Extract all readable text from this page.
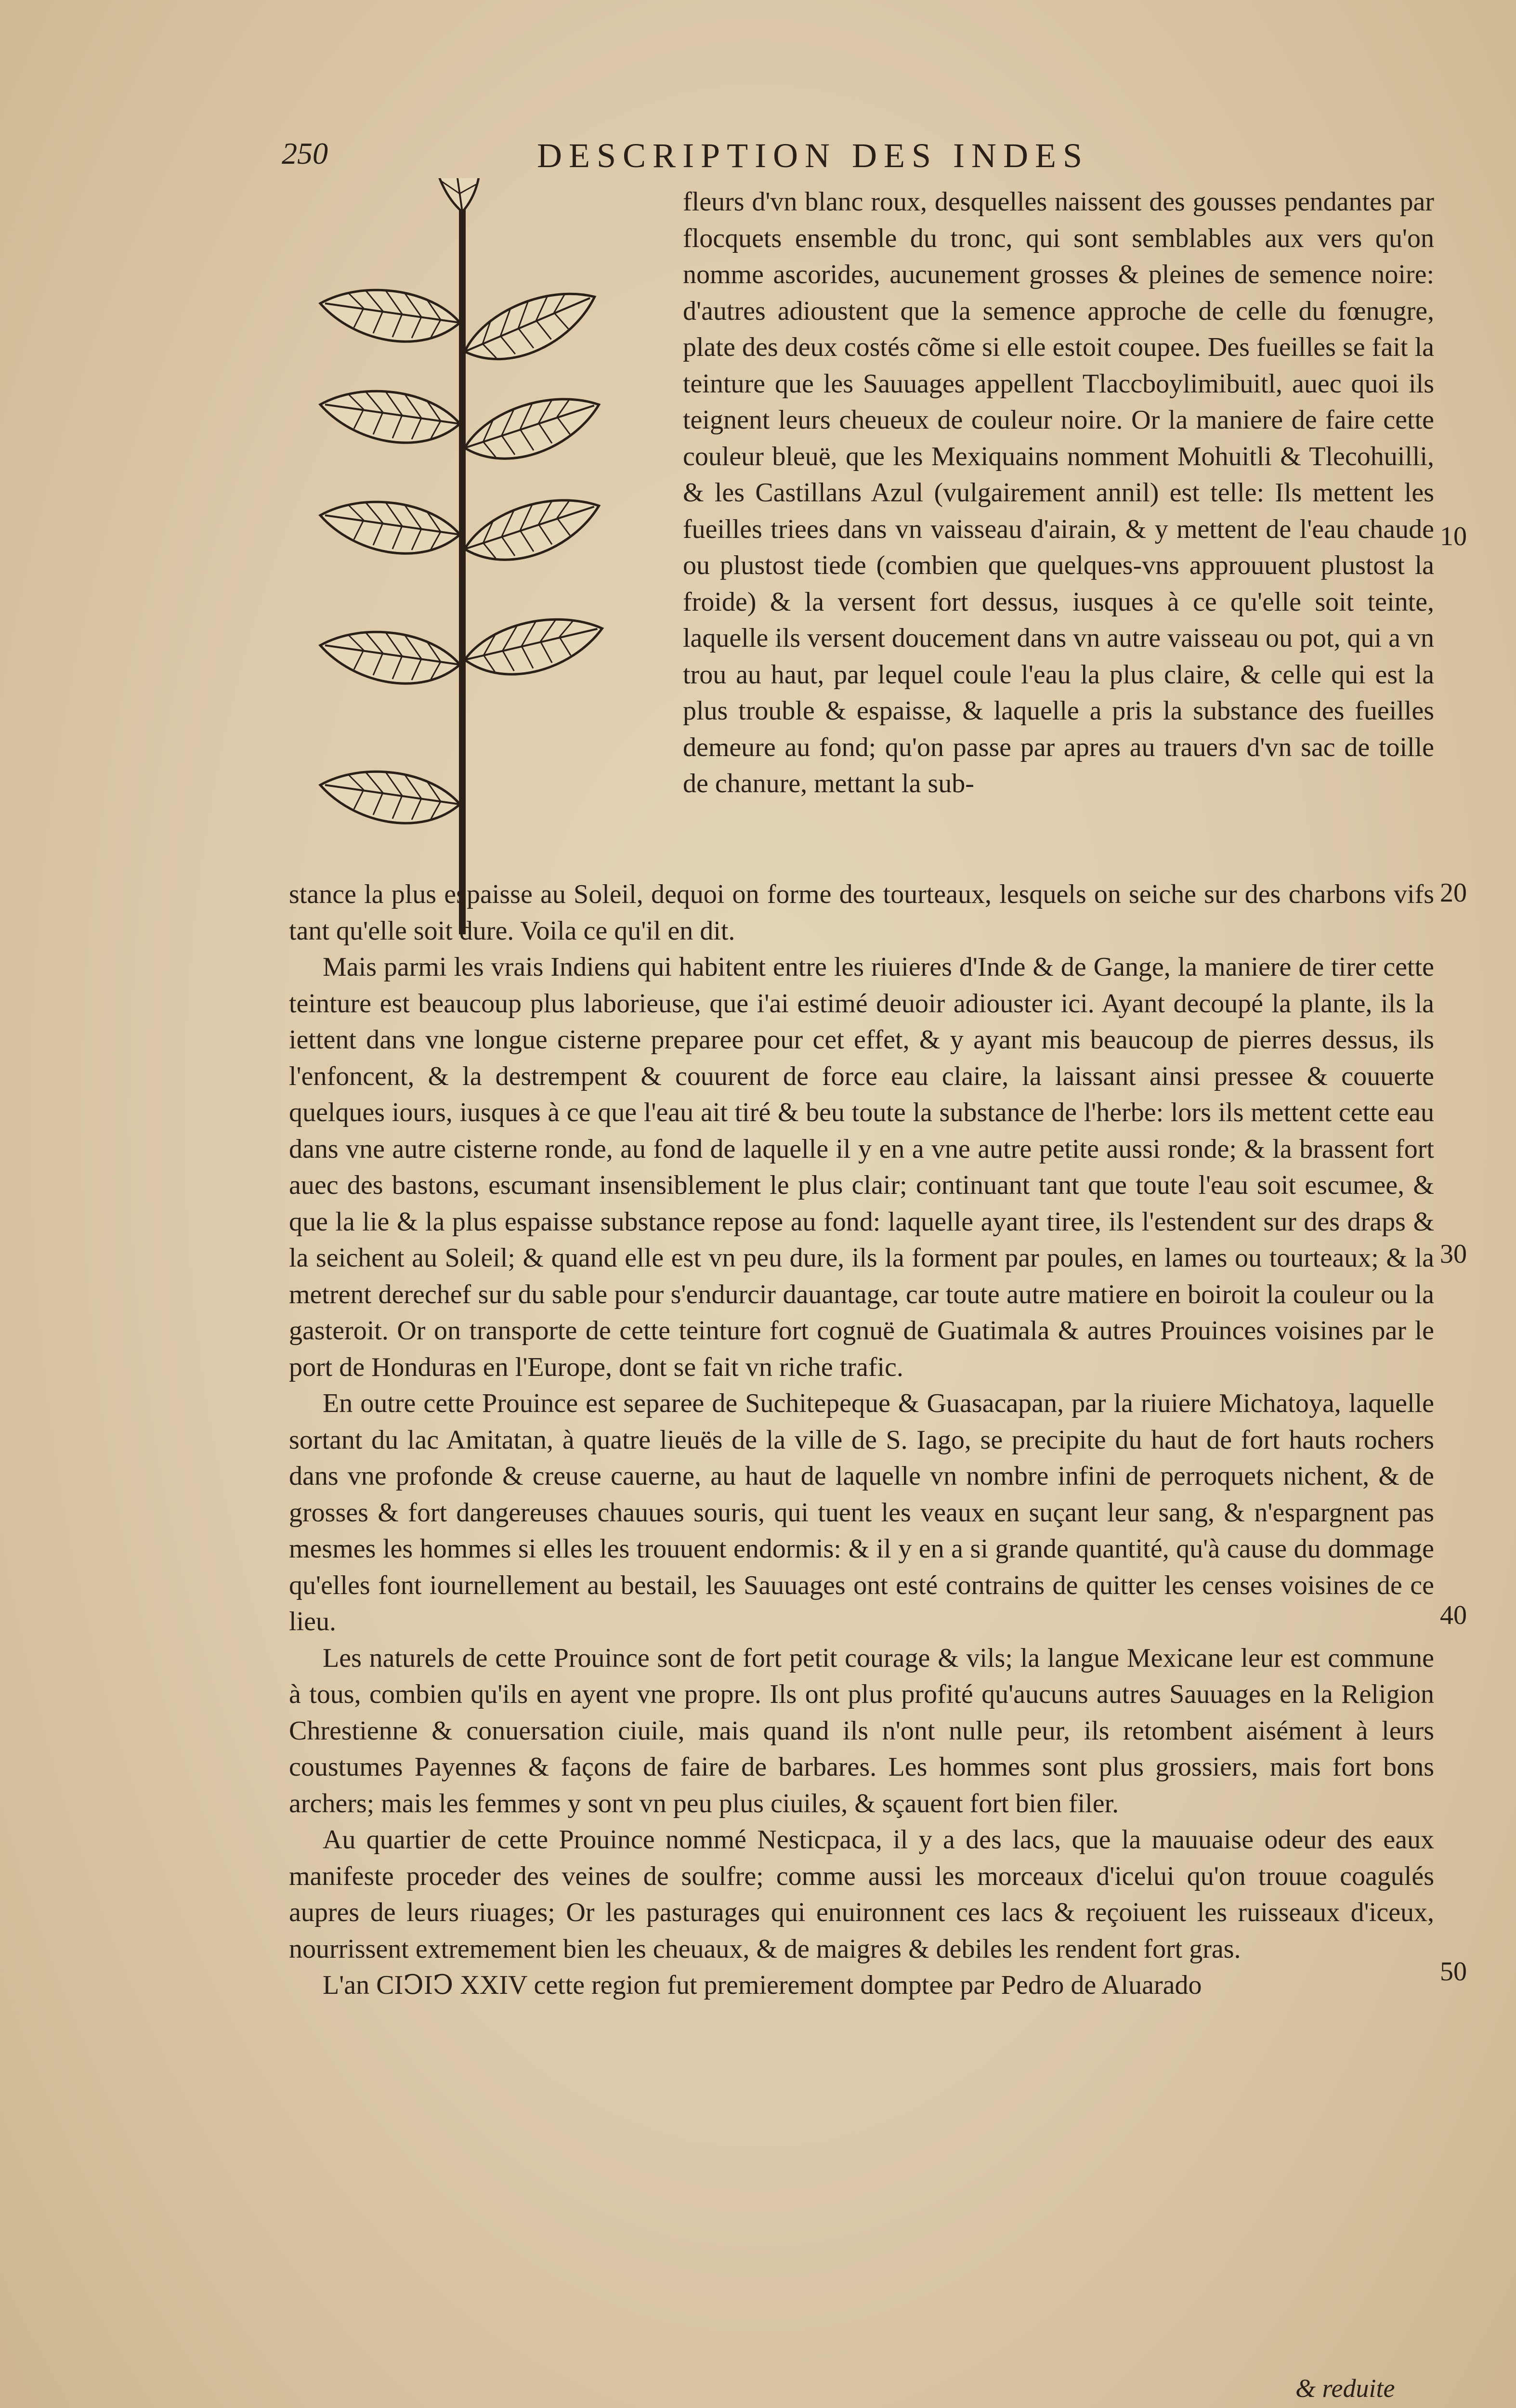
250	DESCRIPTION DES INDES

fleurs d'vn blanc roux, desquelles naissent des gousses pendantes par flocquets ensemble du tronc, qui sont semblables aux vers qu'on nomme ascorides, aucunement grosses & pleines de semence noire: d'autres adioustent que la semence approche de celle du fœnugre, plate des deux costés cõme si elle estoit coupee. Des fueilles se fait la teinture que les Sauuages appellent Tlaccboylimibuitl, auec quoi ils teignent leurs cheueux de couleur noire. Or la maniere de faire cette couleur bleuë, que les Mexiquains nomment Mohuitli & Tlecohuilli, & les Castillans Azul (vulgairement annil) est telle: Ils mettent les fueilles triees dans vn vaisseau d'airain, & y mettent de l'eau chaude ou plustost tiede (combien que quelques-vns approuuent plustost la froide) & la versent fort dessus, iusques à ce qu'elle soit teinte, laquelle ils versent doucement dans vn autre vaisseau ou pot, qui a vn trou au haut, par lequel coule l'eau la plus claire, & celle qui est la plus trouble & espaisse, & laquelle a pris la substance des fueilles demeure au fond; qu'on passe par apres au trauers d'vn sac de toille de chanure, mettant la sub-

stance la plus espaisse au Soleil, dequoi on forme des tourteaux, lesquels on seiche sur des charbons vifs tant qu'elle soit dure. Voila ce qu'il en dit.

Mais parmi les vrais Indiens qui habitent entre les riuieres d'Inde & de Gange, la maniere de tirer cette teinture est beaucoup plus laborieuse, que i'ai estimé deuoir adiouster ici. Ayant decoupé la plante, ils la iettent dans vne longue cisterne preparee pour cet effet, & y ayant mis beaucoup de pierres dessus, ils l'enfoncent, & la destrempent & couurent de force eau claire, la laissant ainsi pressee & couuerte quelques iours, iusques à ce que l'eau ait tiré & beu toute la substance de l'herbe: lors ils mettent cette eau dans vne autre cisterne ronde, au fond de laquelle il y en a vne autre petite aussi ronde; & la brassent fort auec des bastons, escumant insensiblement le plus clair; continuant tant que toute l'eau soit escumee, & que la lie & la plus espaisse substance repose au fond: laquelle ayant tiree, ils l'estendent sur des draps & la seichent au Soleil; & quand elle est vn peu dure, ils la forment par poules, en lames ou tourteaux; & la metrent derechef sur du sable pour s'endurcir dauantage, car toute autre matiere en boiroit la couleur ou la gasteroit. Or on transporte de cette teinture fort cognuë de Guatimala & autres Prouinces voisines par le port de Honduras en l'Europe, dont se fait vn riche trafic.

En outre cette Prouince est separee de Suchitepeque & Guasacapan, par la riuiere Michatoya, laquelle sortant du lac Amitatan, à quatre lieuës de la ville de S. Iago, se precipite du haut de fort hauts rochers dans vne profonde & creuse cauerne, au haut de laquelle vn nombre infini de perroquets nichent, & de grosses & fort dangereuses chauues souris, qui tuent les veaux en suçant leur sang, & n'espargnent pas mesmes les hommes si elles les trouuent endormis: & il y en a si grande quantité, qu'à cause du dommage qu'elles font iournellement au bestail, les Sauuages ont esté contrains de quitter les censes voisines de ce lieu.

Les naturels de cette Prouince sont de fort petit courage & vils; la langue Mexicane leur est commune à tous, combien qu'ils en ayent vne propre. Ils ont plus profité qu'aucuns autres Sauuages en la Religion Chrestienne & conuersation ciuile, mais quand ils n'ont nulle peur, ils retombent aisément à leurs coustumes Payennes & façons de faire de barbares. Les hommes sont plus grossiers, mais fort bons archers; mais les femmes y sont vn peu plus ciuiles, & sçauent fort bien filer.

Au quartier de cette Prouince nommé Nesticpaca, il y a des lacs, que la mauuaise odeur des eaux manifeste proceder des veines de soulfre; comme aussi les morceaux d'icelui qu'on trouue coagulés aupres de leurs riuages; Or les pasturages qui enuironnent ces lacs & reçoiuent les ruisseaux d'iceux, nourrissent extremement bien les cheuaux, & de maigres & debiles les rendent fort gras.

L'an CIↃIↃ XXIV cette region fut premierement domptee par Pedro de Aluarado

10
20
30
40
50
& reduite
